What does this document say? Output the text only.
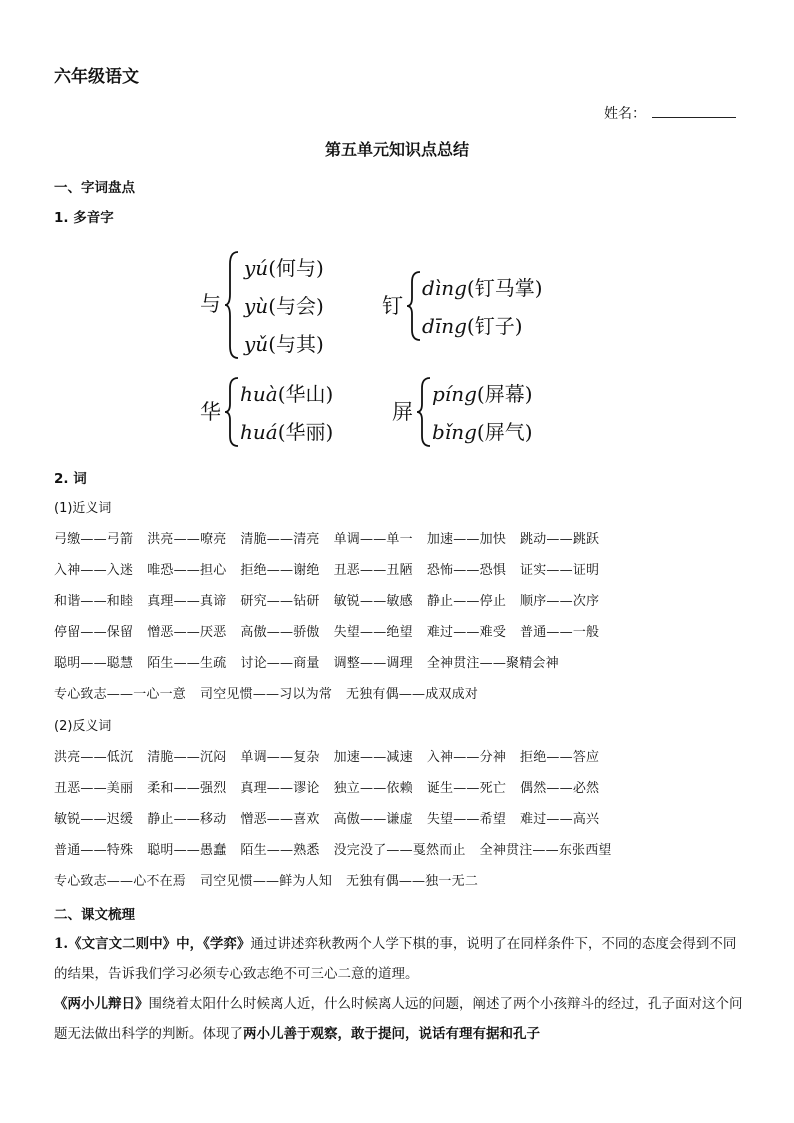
六年级语文
姓名：
第五单元知识点总结
一、字词盘点
1. 多音字
与
yú(何与)
yù(与会)
yǔ(与其)
钉
dìng(钉马掌)
dīng(钉子)
华
huà(华山)
huá(华丽)
屏
píng(屏幕)
bǐng(屏气)
2. 词
(1)近义词
弓缴——弓箭 洪亮——嘹亮 清脆——清亮 单调——单一 加速——加快 跳动——跳跃
入神——入迷 唯恐——担心 拒绝——谢绝 丑恶——丑陋 恐怖——恐惧 证实——证明
和谐——和睦 真理——真谛 研究——钻研 敏锐——敏感 静止——停止 顺序——次序
停留——保留 憎恶——厌恶 高傲——骄傲 失望——绝望 难过——难受 普通——一般
聪明——聪慧 陌生——生疏 讨论——商量 调整——调理 全神贯注——聚精会神
专心致志——一心一意 司空见惯——习以为常 无独有偶——成双成对
(2)反义词
洪亮——低沉 清脆——沉闷 单调——复杂 加速——减速 入神——分神 拒绝——答应
丑恶——美丽 柔和——强烈 真理——谬论 独立——依赖 诞生——死亡 偶然——必然
敏锐——迟缓 静止——移动 憎恶——喜欢 高傲——谦虚 失望——希望 难过——高兴
普通——特殊 聪明——愚蠢 陌生——熟悉 没完没了——戛然而止 全神贯注——东张西望
专心致志——心不在焉 司空见惯——鲜为人知 无独有偶——独一无二
二、课文梳理
1.《文言文二则中》中，《学弈》通过讲述弈秋教两个人学下棋的事，说明了在同样条件下，不同的态度会得到不同的结果，告诉我们学习必须专心致志绝不可三心二意的道理。
《两小儿辩日》围绕着太阳什么时候离人近，什么时候离人远的问题，阐述了两个小孩辩斗的经过，孔子面对这个问题无法做出科学的判断。体现了两小儿善于观察，敢于提问，说话有理有据和孔子
